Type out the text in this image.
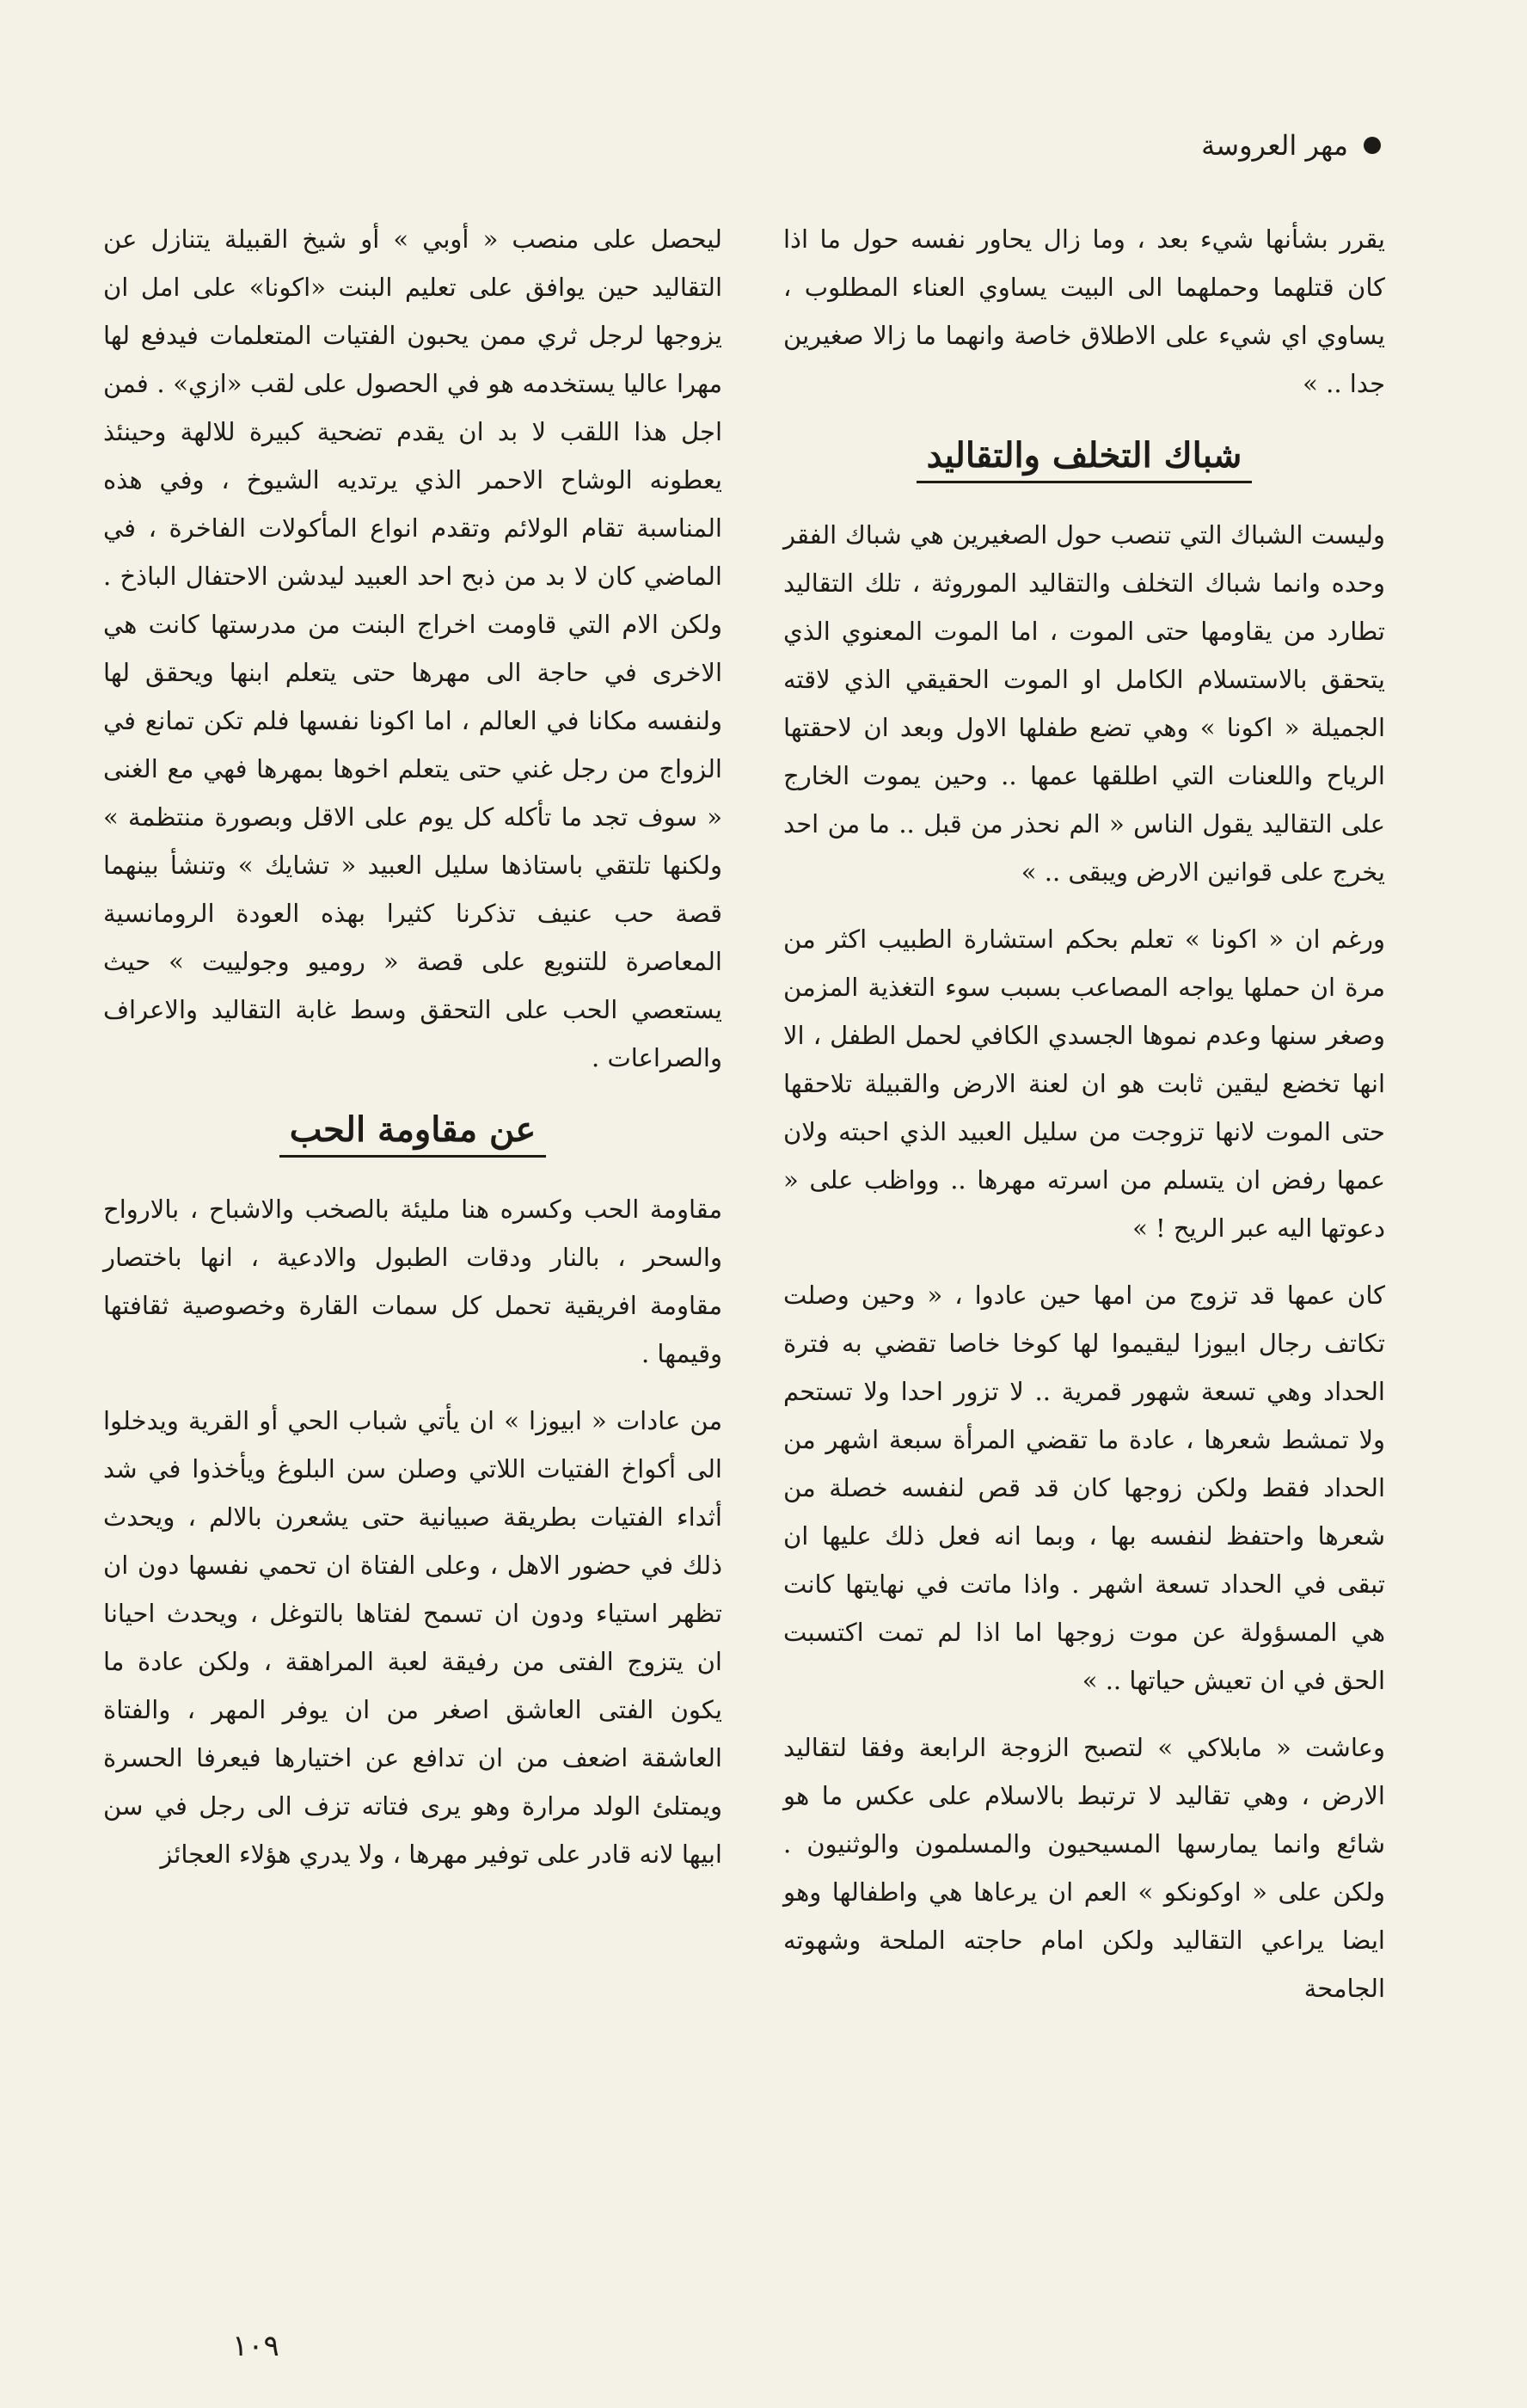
مهر العروسة

يقرر بشأنها شيء بعد ، وما زال يحاور نفسه حول ما اذا كان قتلهما وحملهما الى البيت يساوي العناء المطلوب ، يساوي اي شيء على الاطلاق خاصة وانهما ما زالا صغيرين جدا .. »

شباك التخلف والتقاليد

وليست الشباك التي تنصب حول الصغيرين هي شباك الفقر وحده وانما شباك التخلف والتقاليد الموروثة ، تلك التقاليد تطارد من يقاومها حتى الموت ، اما الموت المعنوي الذي يتحقق بالاستسلام الكامل او الموت الحقيقي الذي لاقته الجميلة « اكونا » وهي تضع طفلها الاول وبعد ان لاحقتها الرياح واللعنات التي اطلقها عمها .. وحين يموت الخارج على التقاليد يقول الناس « الم نحذر من قبل .. ما من احد يخرج على قوانين الارض ويبقى .. »

ورغم ان « اكونا » تعلم بحكم استشارة الطبيب اكثر من مرة ان حملها يواجه المصاعب بسبب سوء التغذية المزمن وصغر سنها وعدم نموها الجسدي الكافي لحمل الطفل ، الا انها تخضع ليقين ثابت هو ان لعنة الارض والقبيلة تلاحقها حتى الموت لانها تزوجت من سليل العبيد الذي احبته ولان عمها رفض ان يتسلم من اسرته مهرها .. وواظب على « دعوتها اليه عبر الريح ! »

كان عمها قد تزوج من امها حين عادوا ، « وحين وصلت تكاتف رجال ابيوزا ليقيموا لها كوخا خاصا تقضي به فترة الحداد وهي تسعة شهور قمرية .. لا تزور احدا ولا تستحم ولا تمشط شعرها ، عادة ما تقضي المرأة سبعة اشهر من الحداد فقط ولكن زوجها كان قد قص لنفسه خصلة من شعرها واحتفظ لنفسه بها ، وبما انه فعل ذلك عليها ان تبقى في الحداد تسعة اشهر . واذا ماتت في نهايتها كانت هي المسؤولة عن موت زوجها اما اذا لم تمت اكتسبت الحق في ان تعيش حياتها .. »

وعاشت « مابلاكي » لتصبح الزوجة الرابعة وفقا لتقاليد الارض ، وهي تقاليد لا ترتبط بالاسلام على عكس ما هو شائع وانما يمارسها المسيحيون والمسلمون والوثنيون . ولكن على « اوكونكو » العم ان يرعاها هي واطفالها وهو ايضا يراعي التقاليد ولكن امام حاجته الملحة وشهوته الجامحة

ليحصل على منصب « أوبي » أو شيخ القبيلة يتنازل عن التقاليد حين يوافق على تعليم البنت «اكونا» على امل ان يزوجها لرجل ثري ممن يحبون الفتيات المتعلمات فيدفع لها مهرا عاليا يستخدمه هو في الحصول على لقب «ازي» . فمن اجل هذا اللقب لا بد ان يقدم تضحية كبيرة للالهة وحينئذ يعطونه الوشاح الاحمر الذي يرتديه الشيوخ ، وفي هذه المناسبة تقام الولائم وتقدم انواع المأكولات الفاخرة ، في الماضي كان لا بد من ذبح احد العبيد ليدشن الاحتفال الباذخ . ولكن الام التي قاومت اخراج البنت من مدرستها كانت هي الاخرى في حاجة الى مهرها حتى يتعلم ابنها ويحقق لها ولنفسه مكانا في العالم ، اما اكونا نفسها فلم تكن تمانع في الزواج من رجل غني حتى يتعلم اخوها بمهرها فهي مع الغنى « سوف تجد ما تأكله كل يوم على الاقل وبصورة منتظمة » ولكنها تلتقي باستاذها سليل العبيد « تشايك » وتنشأ بينهما قصة حب عنيف تذكرنا كثيرا بهذه العودة الرومانسية المعاصرة للتنويع على قصة « روميو وجولييت » حيث يستعصي الحب على التحقق وسط غابة التقاليد والاعراف والصراعات .

عن مقاومة الحب

مقاومة الحب وكسره هنا مليئة بالصخب والاشباح ، بالارواح والسحر ، بالنار ودقات الطبول والادعية ، انها باختصار مقاومة افريقية تحمل كل سمات القارة وخصوصية ثقافتها وقيمها .

من عادات « ابيوزا » ان يأتي شباب الحي أو القرية ويدخلوا الى أكواخ الفتيات اللاتي وصلن سن البلوغ ويأخذوا في شد أثداء الفتيات بطريقة صبيانية حتى يشعرن بالالم ، ويحدث ذلك في حضور الاهل ، وعلى الفتاة ان تحمي نفسها دون ان تظهر استياء ودون ان تسمح لفتاها بالتوغل ، ويحدث احيانا ان يتزوج الفتى من رفيقة لعبة المراهقة ، ولكن عادة ما يكون الفتى العاشق اصغر من ان يوفر المهر ، والفتاة العاشقة اضعف من ان تدافع عن اختيارها فيعرفا الحسرة ويمتلئ الولد مرارة وهو يرى فتاته تزف الى رجل في سن ابيها لانه قادر على توفير مهرها ، ولا يدري هؤلاء العجائز

١٠٩
